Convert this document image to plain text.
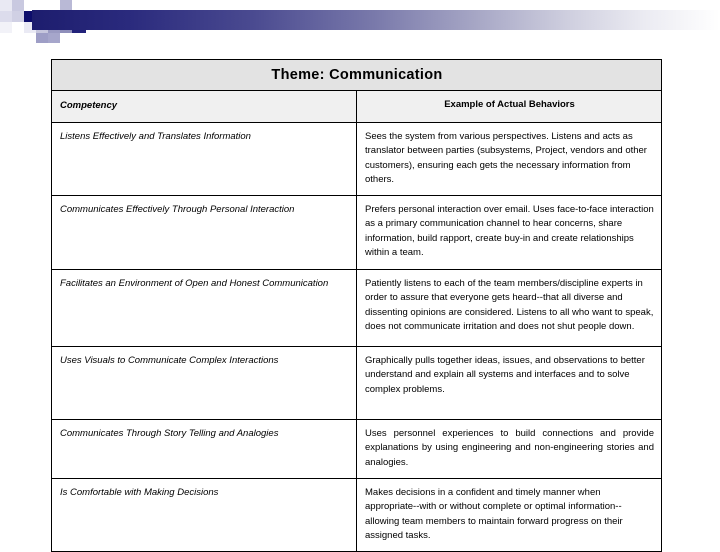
Theme: Communication	
Competency	Example of Actual Behaviors
Listens Effectively and Translates Information	Sees the system from various perspectives. Listens and acts as translator between parties (subsystems, Project, vendors and other customers), ensuring each gets the necessary information from others.
Communicates Effectively Through Personal Interaction	Prefers personal interaction over email. Uses face-to-face interaction as a primary communication channel to hear concerns, share information, build rapport, create buy-in and create relationships within a team.
Facilitates an Environment of Open and Honest Communication	Patiently listens to each of the team members/discipline experts in order to assure that everyone gets heard--that all diverse and dissenting opinions are considered. Listens to all who want to speak, does not communicate irritation and does not shut people down.
Uses Visuals to Communicate Complex Interactions	Graphically pulls together ideas, issues, and observations to better understand and explain all systems and interfaces and to solve complex problems.
Communicates Through Story Telling and Analogies	Uses personnel experiences to build connections and provide explanations by using engineering and non-engineering stories and analogies.
Is Comfortable with Making Decisions	Makes decisions in a confident and timely manner when appropriate--with or without complete or optimal information--allowing team members to maintain forward progress on their assigned tasks.
